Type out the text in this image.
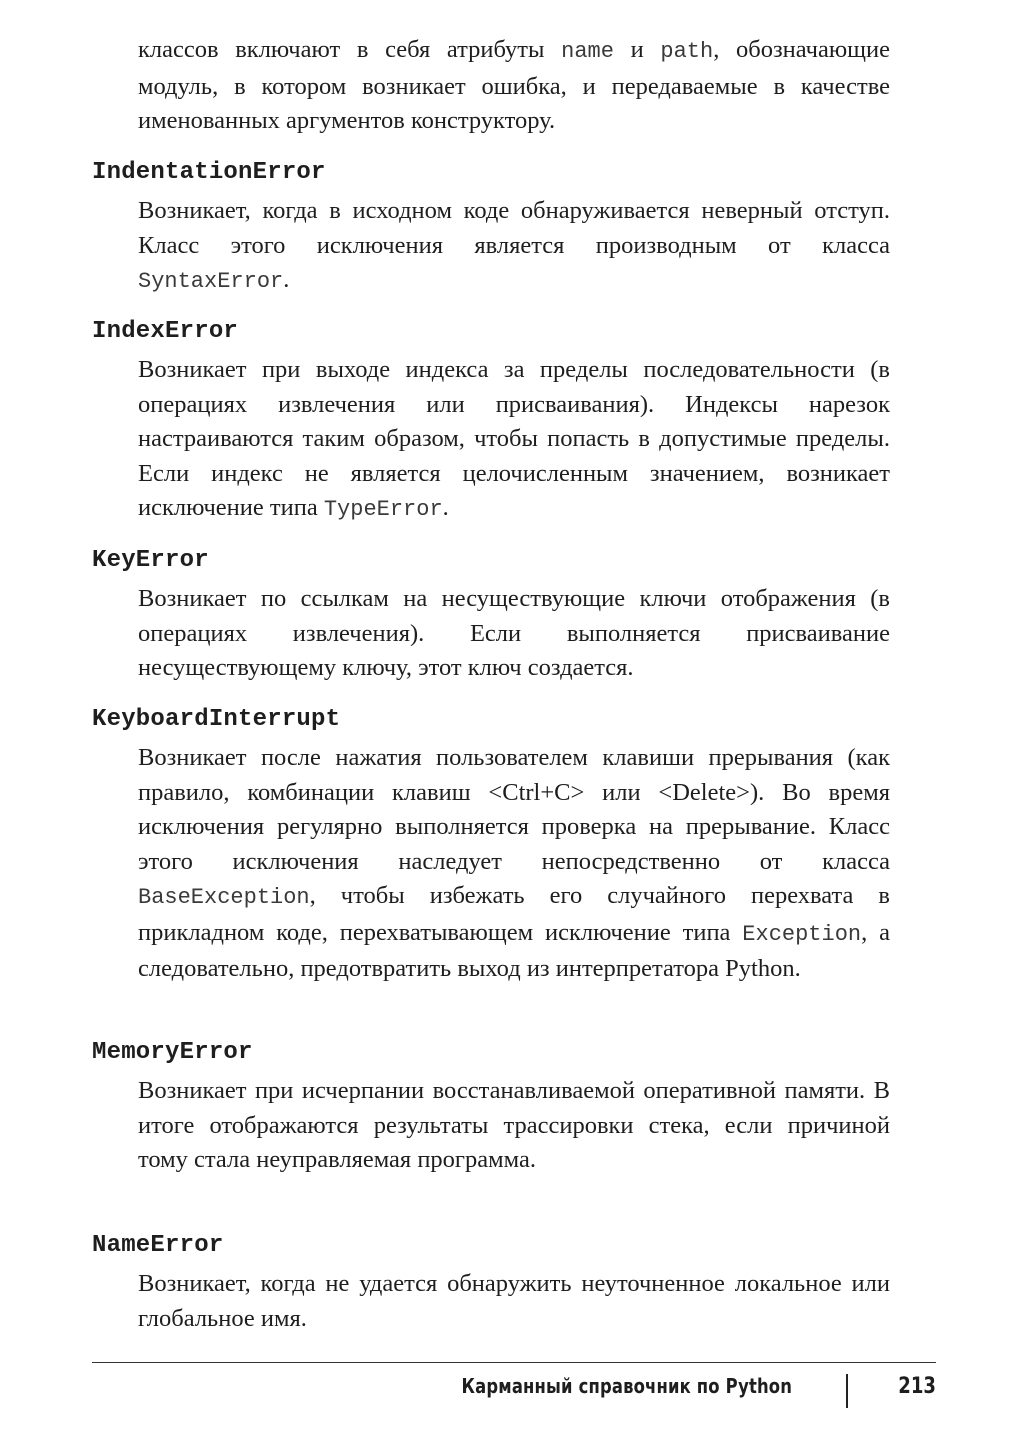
классов включают в себя атрибуты name и path, обозначающие модуль, в котором возникает ошибка, и передаваемые в качестве именованных аргументов конструктору.

IndentationError

Возникает, когда в исходном коде обнаруживается неверный отступ. Класс этого исключения является производным от класса SyntaxError.

IndexError

Возникает при выходе индекса за пределы последовательности (в операциях извлечения или присваивания). Индексы нарезок настраиваются таким образом, чтобы попасть в допустимые пределы. Если индекс не является целочисленным значением, возникает исключение типа TypeError.

KeyError

Возникает по ссылкам на несуществующие ключи отображения (в операциях извлечения). Если выполняется присваивание несуществующему ключу, этот ключ создается.

KeyboardInterrupt

Возникает после нажатия пользователем клавиши прерывания (как правило, комбинации клавиш <Ctrl+C> или <Delete>). Во время исключения регулярно выполняется проверка на прерывание. Класс этого исключения наследует непосредственно от класса BaseException, чтобы избежать его случайного перехвата в прикладном коде, перехватывающем исключение типа Exception, а следовательно, предотвратить выход из интерпретатора Python.

MemoryError

Возникает при исчерпании восстанавливаемой оперативной памяти. В итоге отображаются результаты трассировки стека, если причиной тому стала неуправляемая программа.

NameError

Возникает, когда не удается обнаружить неуточненное локальное или глобальное имя.

Карманный справочник по Python	213
